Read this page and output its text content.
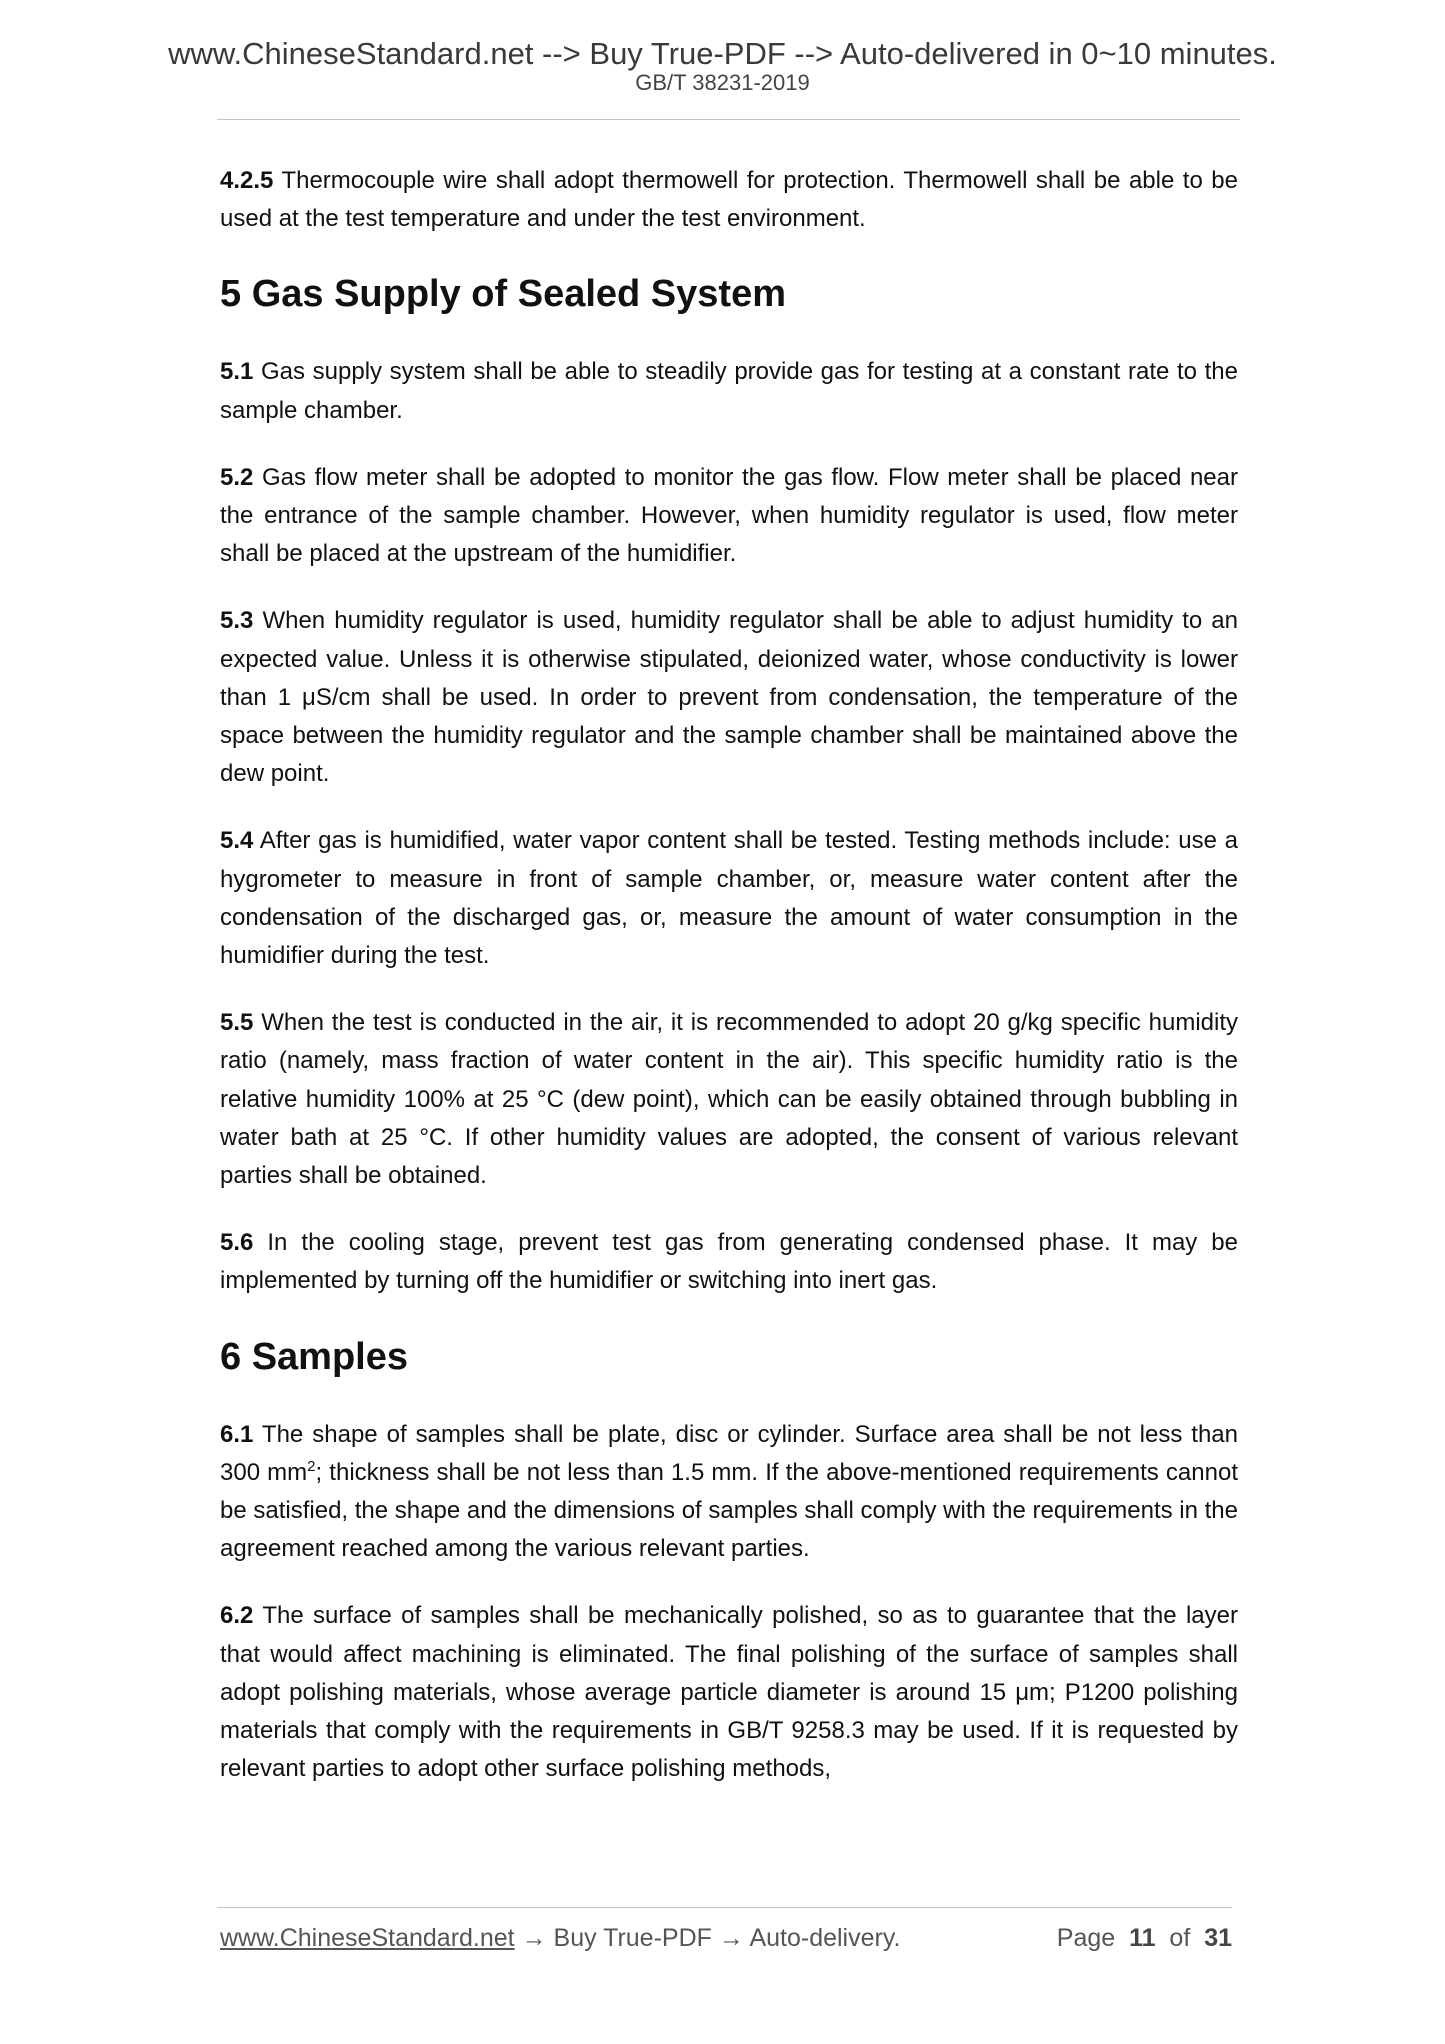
www.ChineseStandard.net --> Buy True-PDF --> Auto-delivered in 0~10 minutes.
GB/T 38231-2019

4.2.5 Thermocouple wire shall adopt thermowell for protection. Thermowell shall be able to be used at the test temperature and under the test environment.

5 Gas Supply of Sealed System

5.1 Gas supply system shall be able to steadily provide gas for testing at a constant rate to the sample chamber.

5.2 Gas flow meter shall be adopted to monitor the gas flow. Flow meter shall be placed near the entrance of the sample chamber. However, when humidity regulator is used, flow meter shall be placed at the upstream of the humidifier.

5.3 When humidity regulator is used, humidity regulator shall be able to adjust humidity to an expected value. Unless it is otherwise stipulated, deionized water, whose conductivity is lower than 1 μS/cm shall be used. In order to prevent from condensation, the temperature of the space between the humidity regulator and the sample chamber shall be maintained above the dew point.

5.4 After gas is humidified, water vapor content shall be tested. Testing methods include: use a hygrometer to measure in front of sample chamber, or, measure water content after the condensation of the discharged gas, or, measure the amount of water consumption in the humidifier during the test.

5.5 When the test is conducted in the air, it is recommended to adopt 20 g/kg specific humidity ratio (namely, mass fraction of water content in the air). This specific humidity ratio is the relative humidity 100% at 25 °C (dew point), which can be easily obtained through bubbling in water bath at 25 °C. If other humidity values are adopted, the consent of various relevant parties shall be obtained.

5.6 In the cooling stage, prevent test gas from generating condensed phase. It may be implemented by turning off the humidifier or switching into inert gas.

6 Samples

6.1 The shape of samples shall be plate, disc or cylinder. Surface area shall be not less than 300 $mm^2$; thickness shall be not less than 1.5 mm. If the above-mentioned requirements cannot be satisfied, the shape and the dimensions of samples shall comply with the requirements in the agreement reached among the various relevant parties.

6.2 The surface of samples shall be mechanically polished, so as to guarantee that the layer that would affect machining is eliminated. The final polishing of the surface of samples shall adopt polishing materials, whose average particle diameter is around 15 μm; P1200 polishing materials that comply with the requirements in GB/T 9258.3 may be used. If it is requested by relevant parties to adopt other surface polishing methods,

www.ChineseStandard.net → Buy True-PDF → Auto-delivery.	Page 11 of 31
